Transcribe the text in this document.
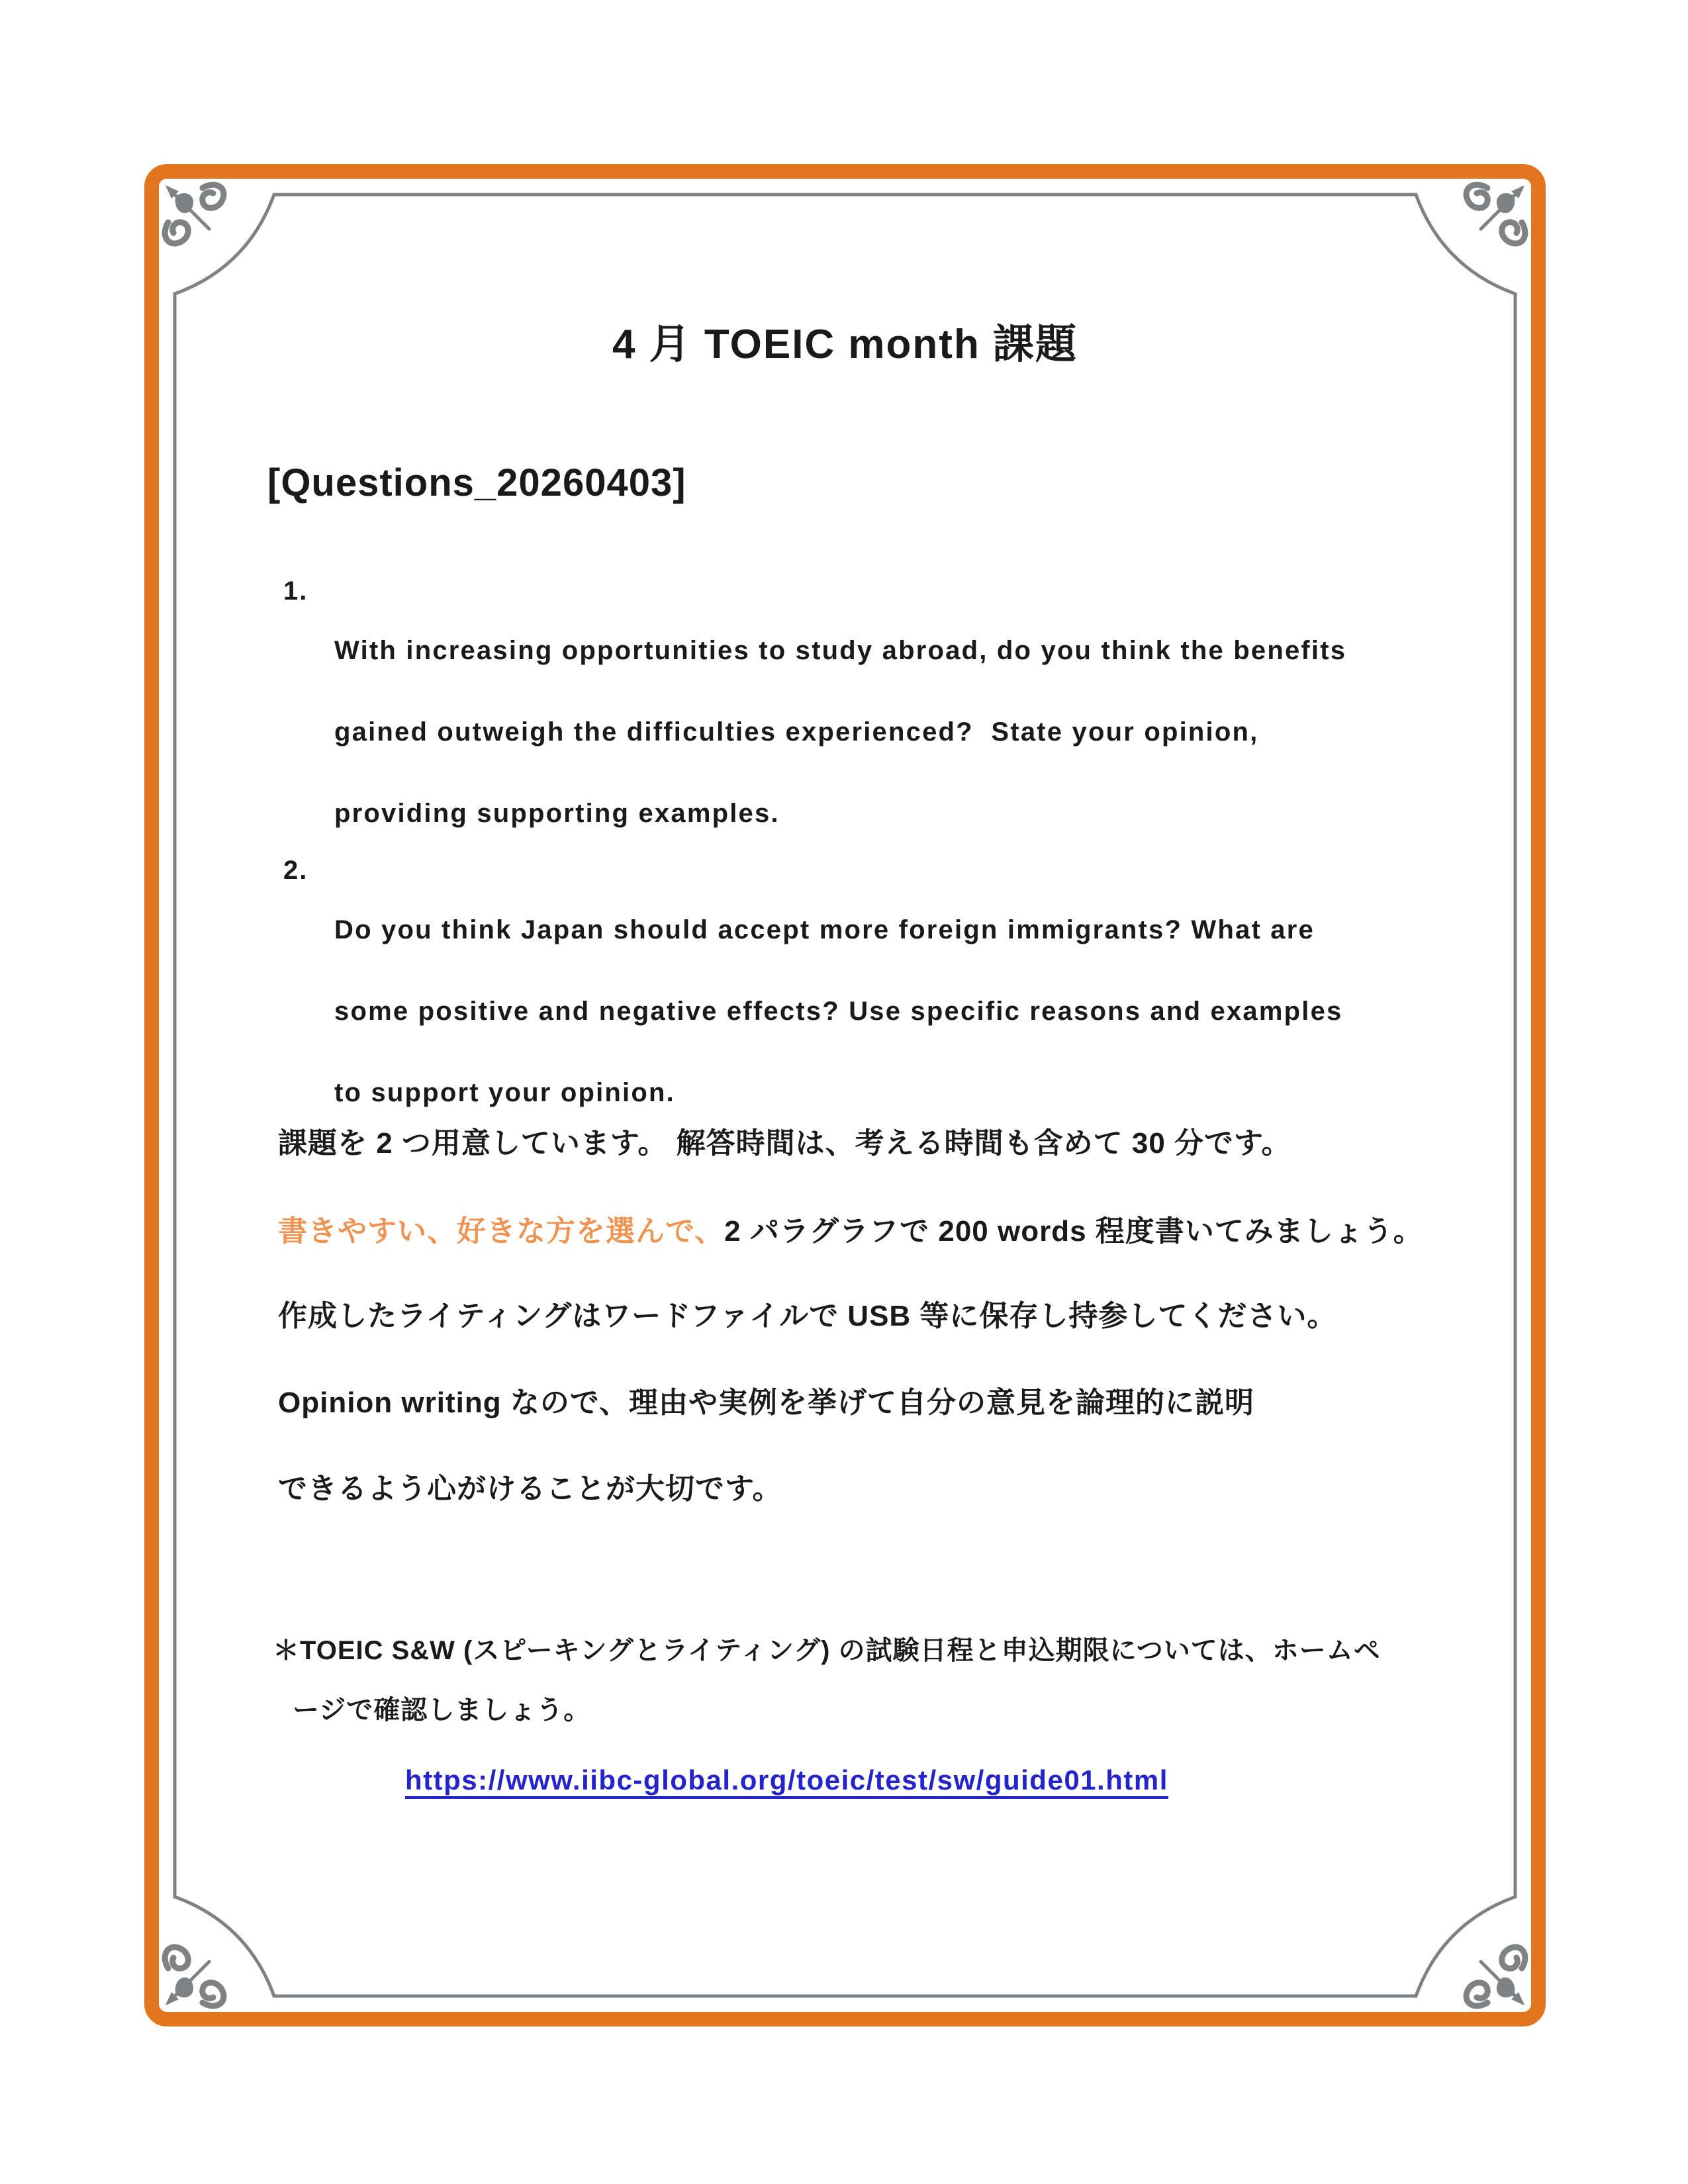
4 月 TOEIC month 課題
[Questions_20260403]

1.

With increasing opportunities to study abroad, do you think the benefits

gained outweigh the difficulties experienced?  State your opinion,

providing supporting examples.

2.

Do you think Japan should accept more foreign immigrants? What are

some positive and negative effects? Use specific reasons and examples

to support your opinion.

課題を 2 つ用意しています。 解答時間は、考える時間も含めて 30 分です。

書きやすい、好きな方を選んで、2 パラグラフで 200 words 程度書いてみましょう。

作成したライティングはワードファイルで USB 等に保存し持参してください。

Opinion writing なので、理由や実例を挙げて自分の意見を論理的に説明

できるよう心がけることが大切です。

＊TOEIC S&W (スピーキングとライティング) の試験日程と申込期限については、ホームペ

ージで確認しましょう。

https://www.iibc-global.org/toeic/test/sw/guide01.html
